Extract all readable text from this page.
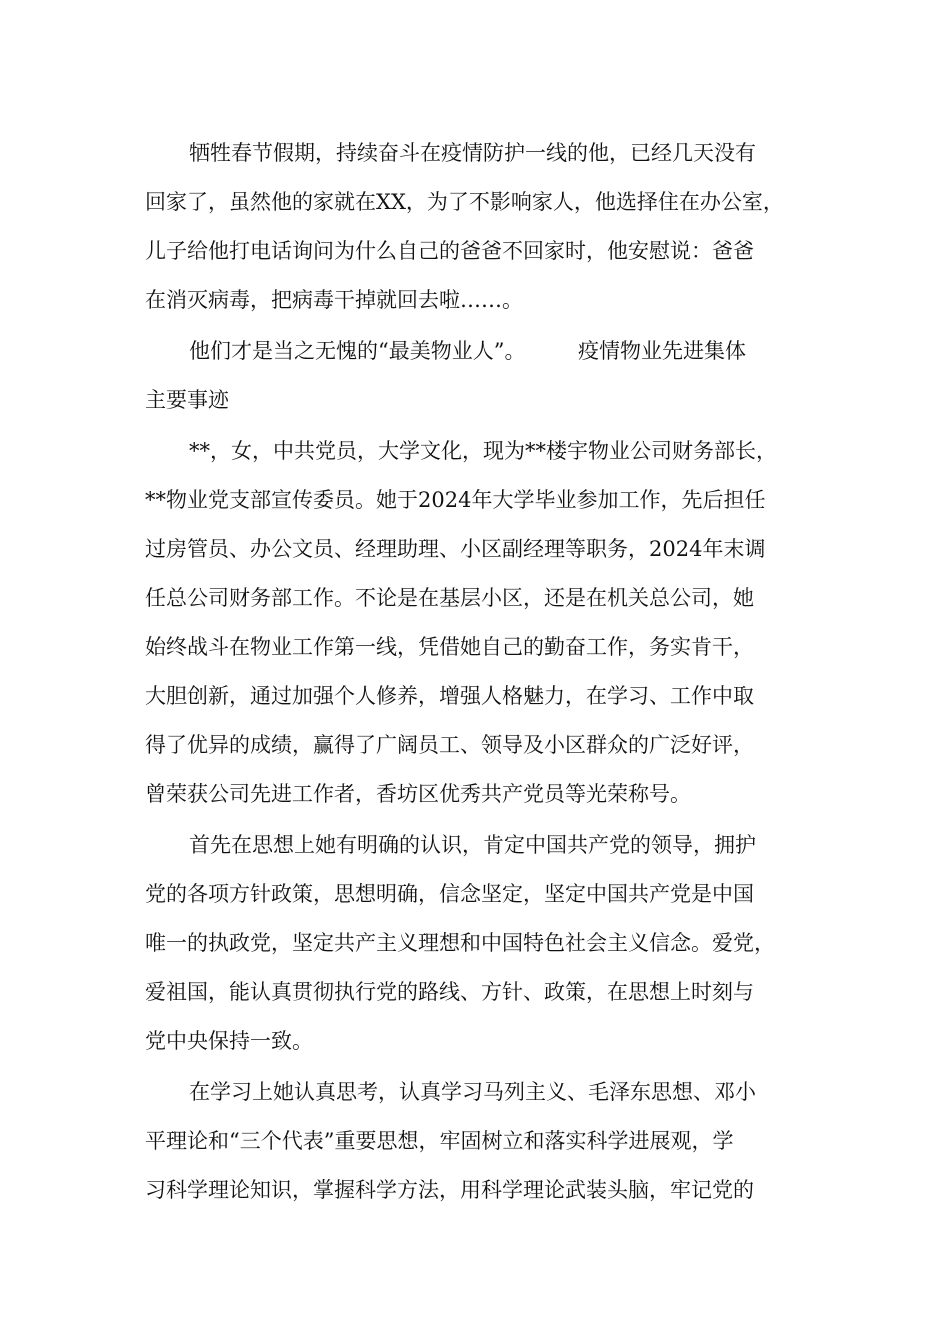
牺牲春节假期，持续奋斗在疫情防护一线的他，已经几天没有
回家了，虽然他的家就在XX，为了不影响家人，他选择住在办公室，
儿子给他打电话询问为什么自己的爸爸不回家时，他安慰说：爸爸
在消灭病毒，把病毒干掉就回去啦……。
他们才是当之无愧的“最美物业人”。　　　疫情物业先进集体
主要事迹
**，女，中共党员，大学文化，现为**楼宇物业公司财务部长，
**物业党支部宣传委员。她于2024年大学毕业参加工作，先后担任
过房管员、办公文员、经理助理、小区副经理等职务，2024年末调
任总公司财务部工作。不论是在基层小区，还是在机关总公司，她
始终战斗在物业工作第一线，凭借她自己的勤奋工作，务实肯干，
大胆创新，通过加强个人修养，增强人格魅力，在学习、工作中取
得了优异的成绩，赢得了广阔员工、领导及小区群众的广泛好评，
曾荣获公司先进工作者，香坊区优秀共产党员等光荣称号。
首先在思想上她有明确的认识，肯定中国共产党的领导，拥护
党的各项方针政策，思想明确，信念坚定，坚定中国共产党是中国
唯一的执政党，坚定共产主义理想和中国特色社会主义信念。爱党，
爱祖国，能认真贯彻执行党的路线、方针、政策，在思想上时刻与
党中央保持一致。
在学习上她认真思考，认真学习马列主义、毛泽东思想、邓小
平理论和“三个代表”重要思想，牢固树立和落实科学进展观，学
习科学理论知识，掌握科学方法，用科学理论武装头脑，牢记党的
